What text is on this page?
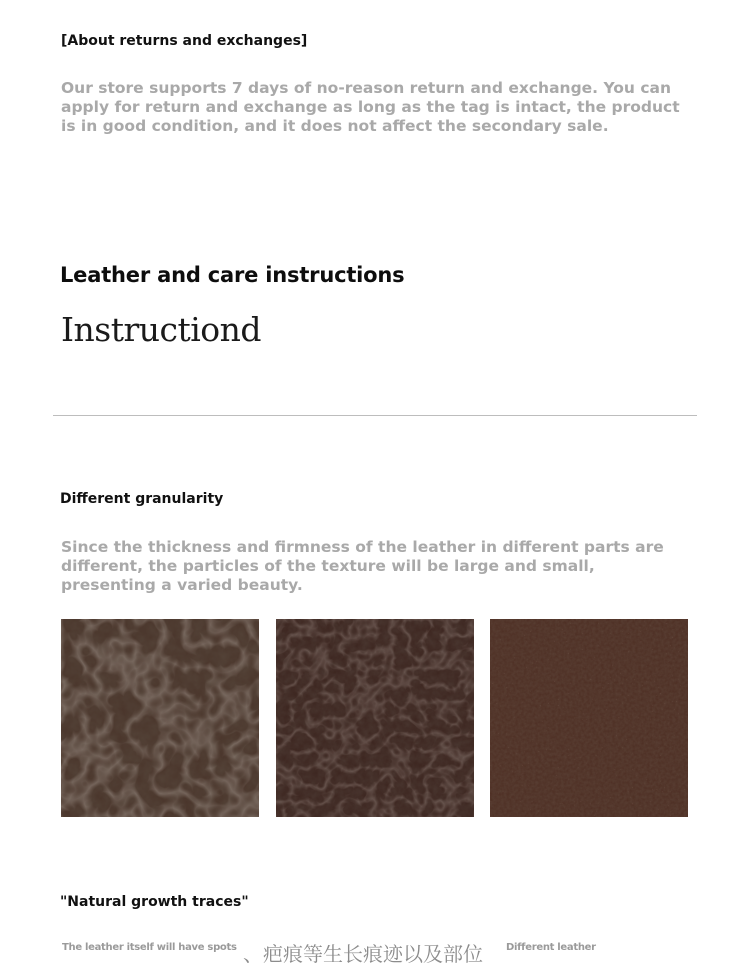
[About returns and exchanges]
Our store supports 7 days of no-reason return and exchange. You can apply for return and exchange as long as the tag is intact, the product is in good condition, and it does not affect the secondary sale.
Leather and care instructions
Instructiond
Different granularity
Since the thickness and firmness of the leather in different parts are different, the particles of the texture will be large and small, presenting a varied beauty.
"Natural growth traces"
The leather itself will have spots 、疤痕等生长痕迹以及部位 Different leather
